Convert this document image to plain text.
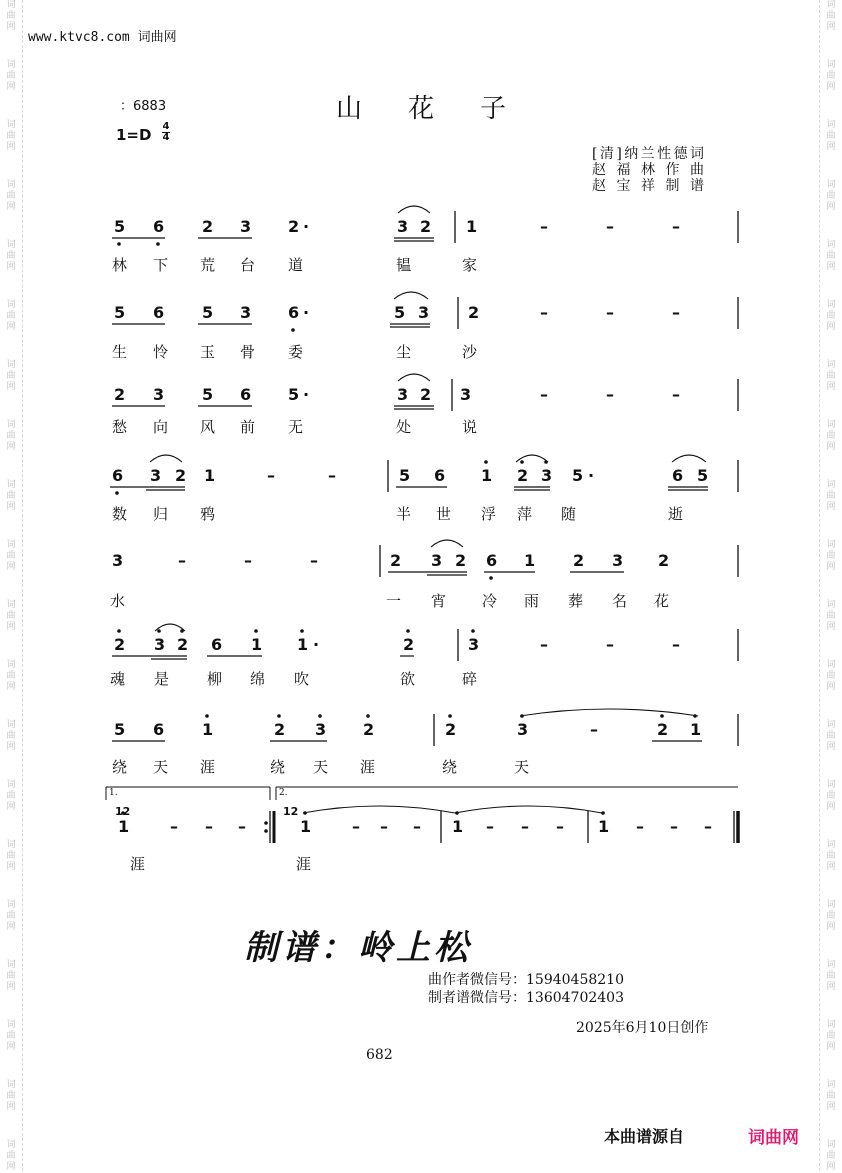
词
曲
网
词
曲
网
词
曲
网
词
曲
网
词
曲
网
词
曲
网
词
曲
网
词
曲
网
词
曲
网
词
曲
网
词
曲
网
词
曲
网
词
曲
网
词
曲
网
词
曲
网
词
曲
网
词
曲
网
词
曲
网
词
曲
网
词
曲
网
词
曲
网
词
曲
网
词
曲
网
词
曲
网
词
曲
网
词
曲
网
词
曲
网
词
曲
网
词
曲
网
词
曲
网
词
曲
网
词
曲
网
词
曲
网
词
曲
网
词
曲
网
词
曲
网
词
曲
网
词
曲
网
词
曲
网
词
曲
网
www.ktvc8.com 词曲网
：6883	山花子
1=D 4
4
[清]纳兰性德词
赵福林作曲
赵宝祥制谱
5 6 2 3 2 ·	3 2 1	–	–	–
林 下 荒 台 道	韫	家
5 6 5 3 6 ·	5 3 2	–	–	–
生 怜 玉 骨 委	尘	沙
2 3 5 6 5 ·	3 2 3	–	–	–
愁 向 风 前 无	处	说
6 3 2 1	–	–	5 6 1 2 3 5 ·	6 5
数 归 鸦	半 世 浮 萍 随	逝
3	–	–	–	2 3 2 6 1 2 3 2
水	一 宵 冷 雨 葬 名 花
2 3 2 6 1 1 ·	2	3	–	–	–
魂 是	柳 绵 吹	欲	碎
5 6 1	2 3 2	2	3	–	2 1
绕 天 涯	绕 天 涯	绕	天
1	– – –	1	– – – 1 – – – 1 – – –
涯	涯
1.	2.
12	12
制谱：岭上松
曲作者微信号：15940458210
制者谱微信号：13604702403
2025年6月10日创作
682
本曲谱源自	词曲网
